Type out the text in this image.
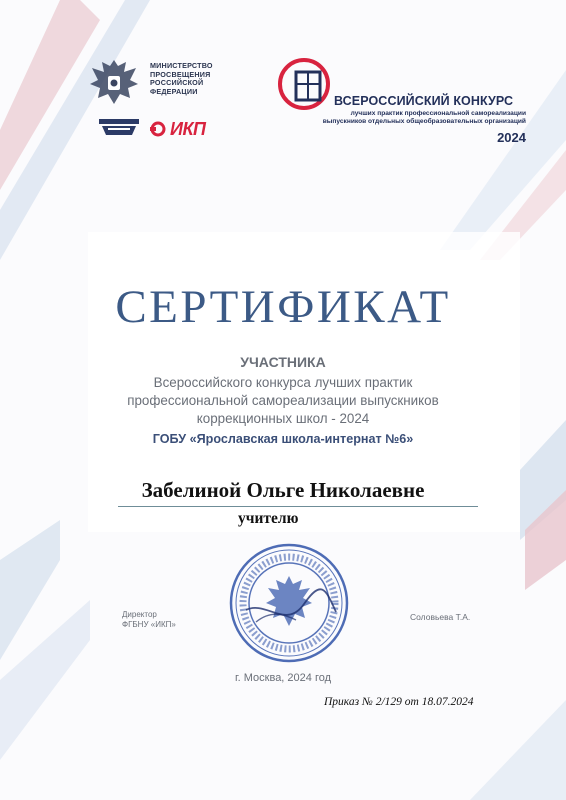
МИНИСТЕРСТВО
ПРОСВЕЩЕНИЯ
РОССИЙСКОЙ
ФЕДЕРАЦИИ
ИКП
ВСЕРОССИЙСКИЙ КОНКУРС
лучших практик профессиональной самореализации
выпускников отдельных общеобразовательных организаций
2024
СЕРТИФИКАТ
УЧАСТНИКА
Всероссийского конкурса лучших практик
профессиональной самореализации выпускников
коррекционных школ - 2024
ГОБУ «Ярославская школа-интернат №6»
Забелиной Ольге Николаевне
учителю
Директор
ФГБНУ «ИКП»
Соловьева Т.А.
г. Москва, 2024 год
Приказ № 2/129 от 18.07.2024
